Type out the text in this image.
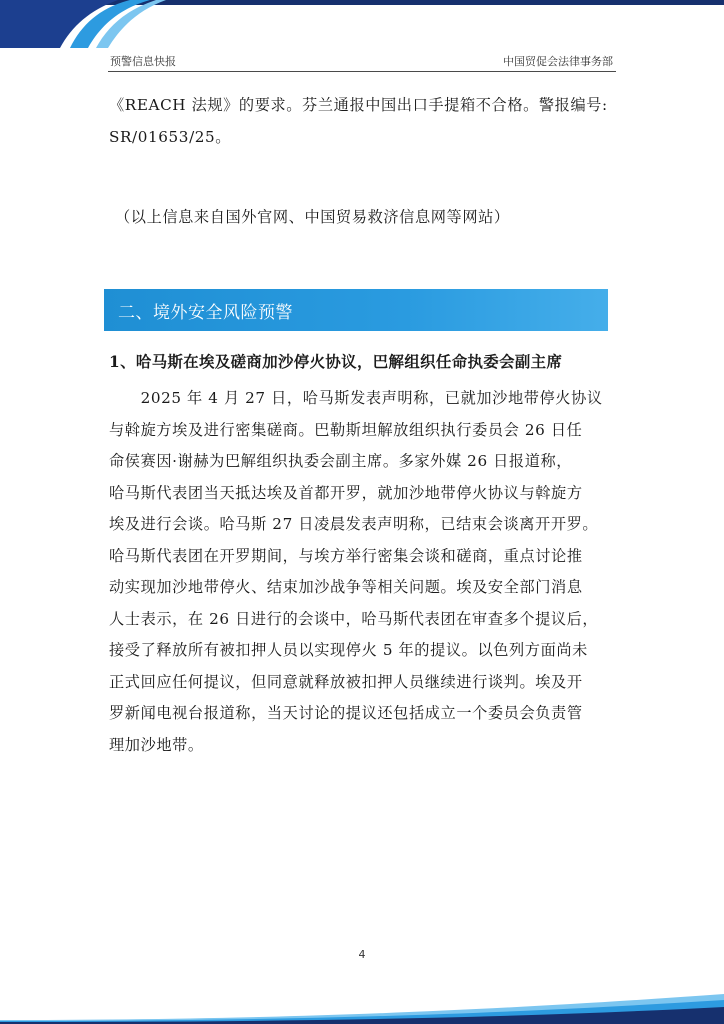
预警信息快报	中国贸促会法律事务部

《REACH 法规》的要求。芬兰通报中国出口手提箱不合格。警报编号:

SR/01653/25。

（以上信息来自国外官网、中国贸易救济信息网等网站）
二、境外安全风险预警
1、哈马斯在埃及磋商加沙停火协议，巴解组织任命执委会副主席
　　2025 年 4 月 27 日，哈马斯发表声明称，已就加沙地带停火协议
与斡旋方埃及进行密集磋商。巴勒斯坦解放组织执行委员会 26 日任
命侯赛因·谢赫为巴解组织执委会副主席。多家外媒 26 日报道称，
哈马斯代表团当天抵达埃及首都开罗，就加沙地带停火协议与斡旋方
埃及进行会谈。哈马斯 27 日凌晨发表声明称，已结束会谈离开开罗。
哈马斯代表团在开罗期间，与埃方举行密集会谈和磋商，重点讨论推
动实现加沙地带停火、结束加沙战争等相关问题。埃及安全部门消息
人士表示，在 26 日进行的会谈中，哈马斯代表团在审查多个提议后，
接受了释放所有被扣押人员以实现停火 5 年的提议。以色列方面尚未
正式回应任何提议，但同意就释放被扣押人员继续进行谈判。埃及开
罗新闻电视台报道称，当天讨论的提议还包括成立一个委员会负责管
理加沙地带。
4
